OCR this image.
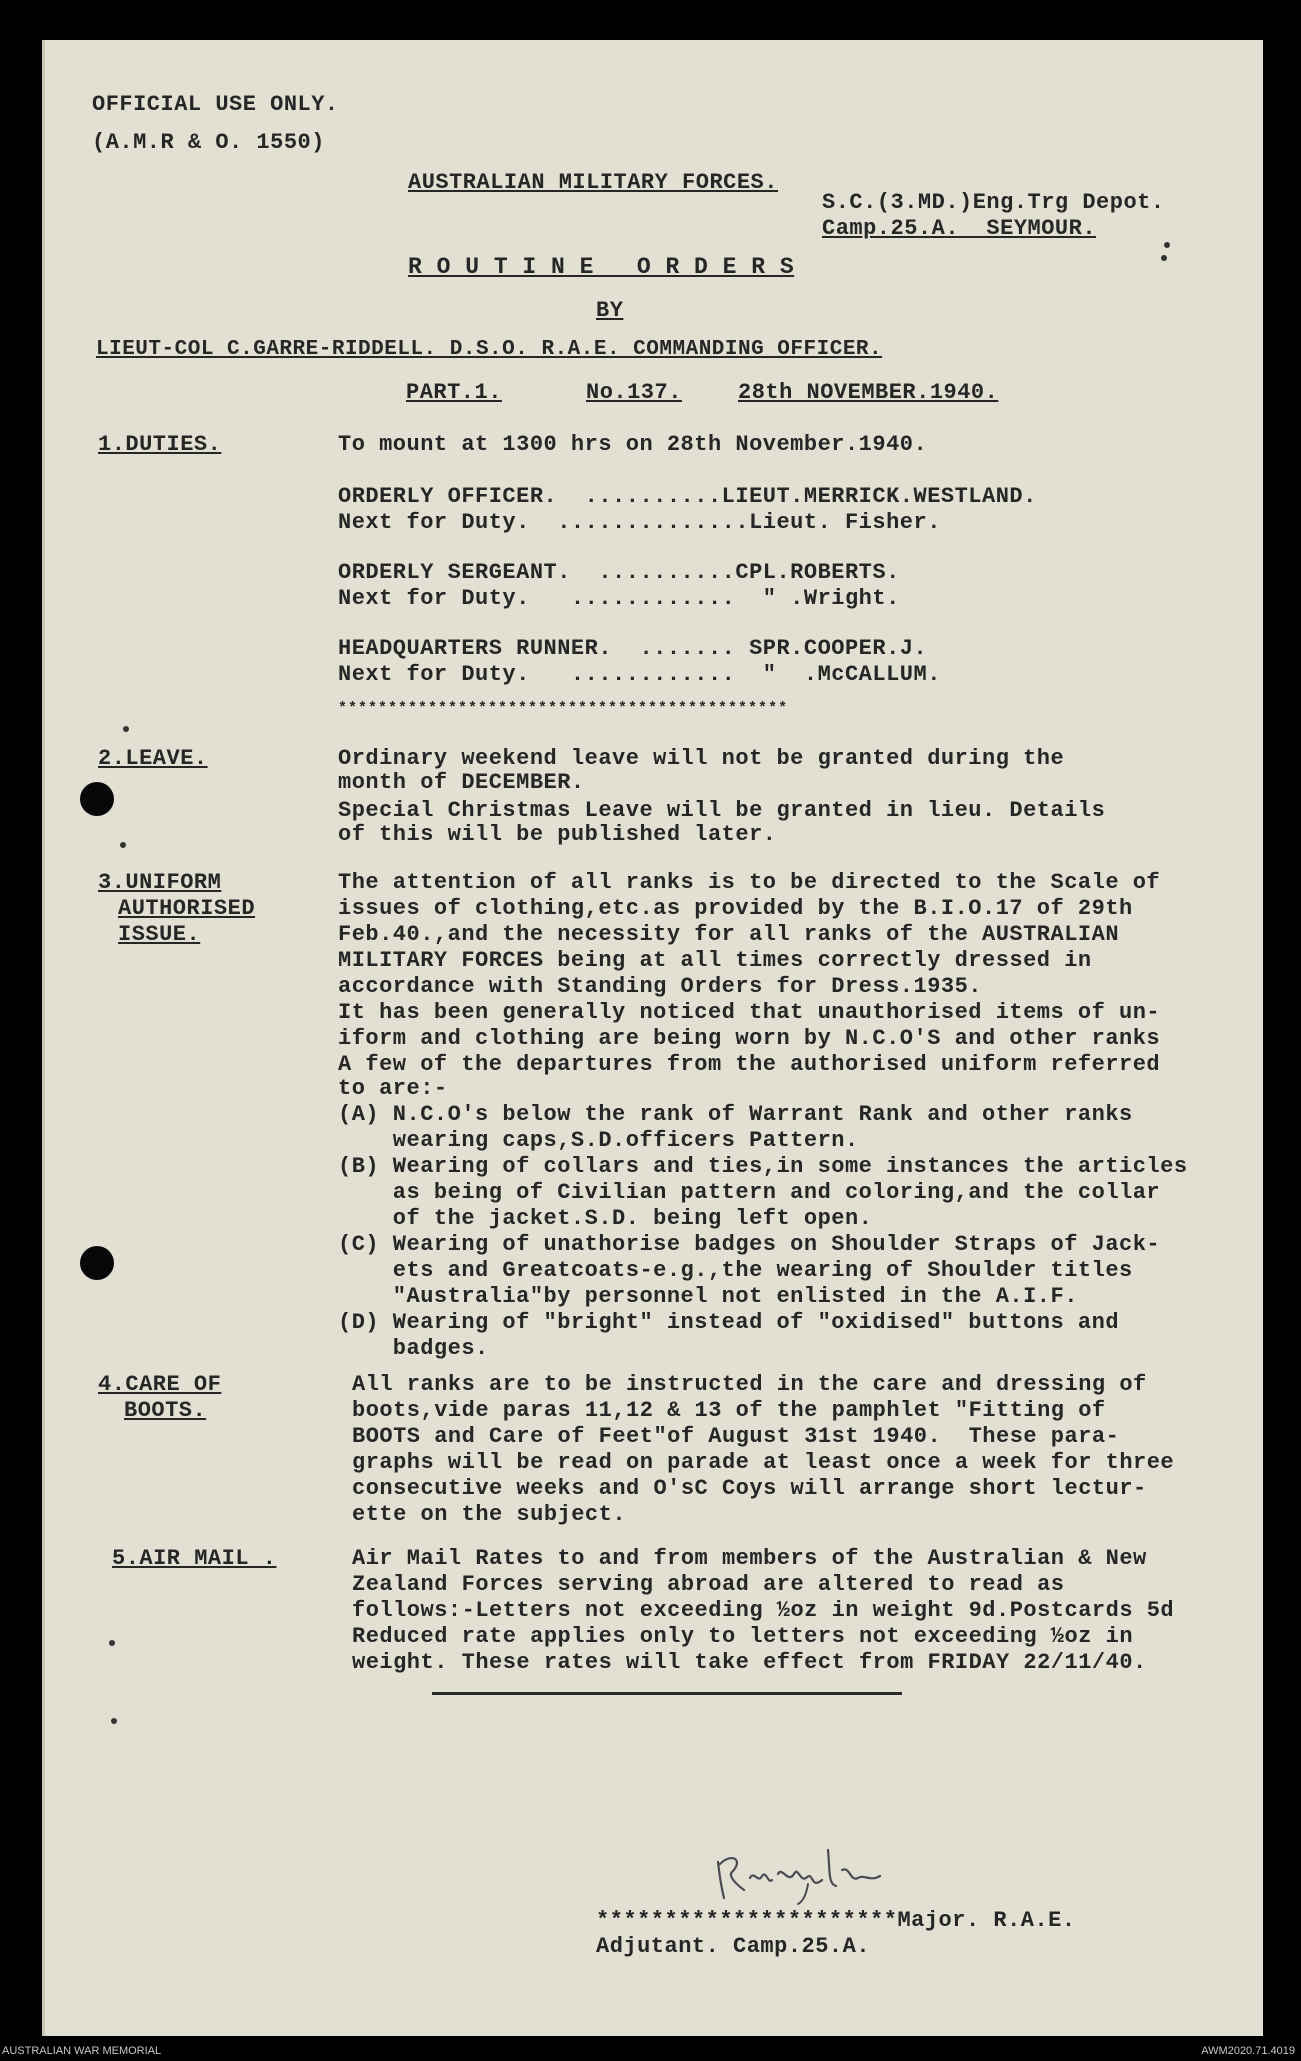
OFFICIAL USE ONLY.
(A.M.R & O. 1550)
AUSTRALIAN MILITARY FORCES.
S.C.(3.MD.)Eng.Trg Depot.
Camp.25.A.  SEYMOUR.
R O U T I N E   O R D E R S
BY
LIEUT-COL C.GARRE-RIDDELL. D.S.O. R.A.E. COMMANDING OFFICER.
PART.1.	No.137.	28th NOVEMBER.1940.
1.DUTIES.	To mount at 1300 hrs on 28th November.1940.
ORDERLY OFFICER.  ..........LIEUT.MERRICK.WESTLAND.
Next for Duty.  ..............Lieut. Fisher.
ORDERLY SERGEANT.  ..........CPL.ROBERTS.
Next for Duty.   ............  " .Wright.
HEADQUARTERS RUNNER.  ....... SPR.COOPER.J.
Next for Duty.   ............  "  .McCALLUM.
*********************************************
2.LEAVE.	Ordinary weekend leave will not be granted during the
month of DECEMBER.
Special Christmas Leave will be granted in lieu. Details
of this will be published later.
3.UNIFORM
AUTHORISED
ISSUE.
The attention of all ranks is to be directed to the Scale of
issues of clothing,etc.as provided by the B.I.O.17 of 29th
Feb.40.,and the necessity for all ranks of the AUSTRALIAN
MILITARY FORCES being at all times correctly dressed in
accordance with Standing Orders for Dress.1935.
It has been generally noticed that unauthorised items of un-
iform and clothing are being worn by N.C.O'S and other ranks
A few of the departures from the authorised uniform referred
to are:-
(A) N.C.O's below the rank of Warrant Rank and other ranks
wearing caps,S.D.officers Pattern.
(B) Wearing of collars and ties,in some instances the articles
as being of Civilian pattern and coloring,and the collar
of the jacket.S.D. being left open.
(C) Wearing of unathorise badges on Shoulder Straps of Jack-
ets and Greatcoats-e.g.,the wearing of Shoulder titles
"Australia"by personnel not enlisted in the A.I.F.
(D) Wearing of "bright" instead of "oxidised" buttons and
badges.
4.CARE OF
BOOTS.
All ranks are to be instructed in the care and dressing of
boots,vide paras 11,12 & 13 of the pamphlet "Fitting of
BOOTS and Care of Feet"of August 31st 1940.  These para-
graphs will be read on parade at least once a week for three
consecutive weeks and O'sC Coys will arrange short lectur-
ette on the subject.
5.AIR MAIL .	Air Mail Rates to and from members of the Australian & New
Zealand Forces serving abroad are altered to read as
follows:-Letters not exceeding ½oz in weight 9d.Postcards 5d
Reduced rate applies only to letters not exceeding ½oz in
weight. These rates will take effect from FRIDAY 22/11/40.
**********************Major. R.A.E.
Adjutant. Camp.25.A.
AUSTRALIAN WAR MEMORIAL	AWM2020.71.4019
